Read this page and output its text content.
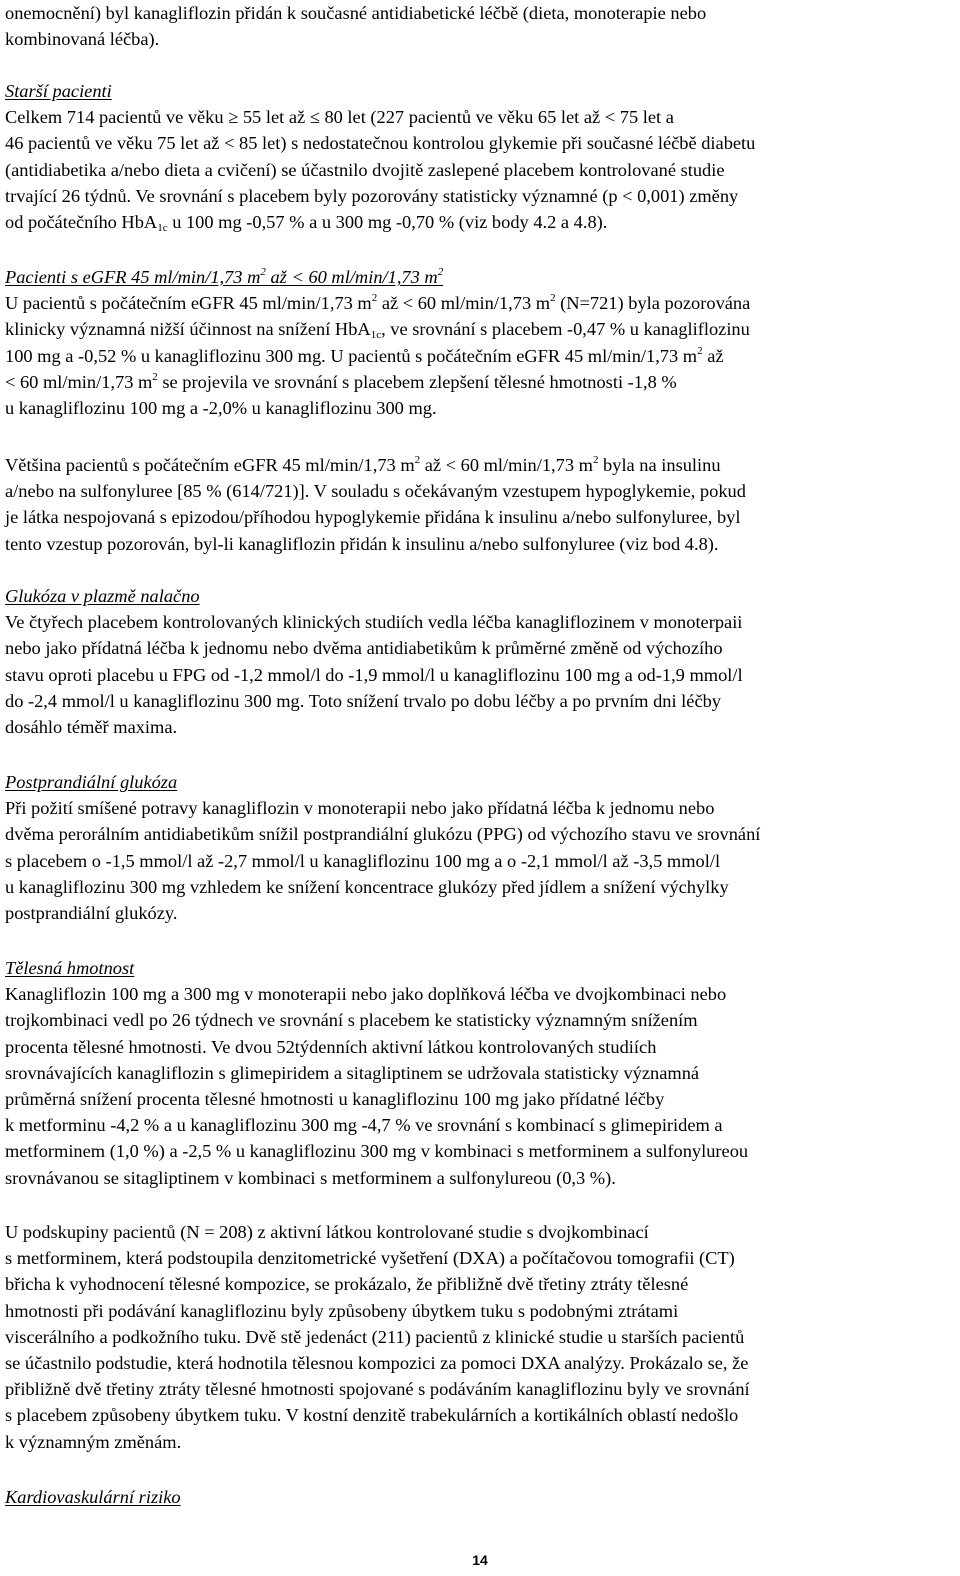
onemocnění) byl kanagliflozin přidán k současné antidiabetické léčbě (dieta, monoterapie nebo
kombinovaná léčba).
Starší pacienti
Celkem 714 pacientů ve věku ≥ 55 let až ≤ 80 let (227 pacientů ve věku 65 let až < 75 let a
46 pacientů ve věku 75 let až < 85 let) s nedostatečnou kontrolou glykemie při současné léčbě diabetu
(antidiabetika a/nebo dieta a cvičení) se účastnilo dvojitě zaslepené placebem kontrolované studie
trvající 26 týdnů. Ve srovnání s placebem byly pozorovány statisticky významné (p < 0,001) změny
od počátečního HbA$_{1c}$ u 100 mg -0,57 % a u 300 mg -0,70 % (viz body 4.2 a 4.8).
Pacienti s eGFR 45 ml/min/1,73 $m^2$ až < 60 ml/min/1,73 $m^2$
U pacientů s počátečním eGFR 45 ml/min/1,73 $m^2$ až < 60 ml/min/1,73 $m^2$ (N=721) byla pozorována
klinicky významná nižší účinnost na snížení HbA$_{1c}$, ve srovnání s placebem -0,47 % u kanagliflozinu
100 mg a -0,52 % u kanagliflozinu 300 mg. U pacientů s počátečním eGFR 45 ml/min/1,73 $m^2$ až
< 60 ml/min/1,73 $m^2$ se projevila ve srovnání s placebem zlepšení tělesné hmotnosti -1,8 %
u kanagliflozinu 100 mg a -2,0% u kanagliflozinu 300 mg.
Většina pacientů s počátečním eGFR 45 ml/min/1,73 $m^2$ až < 60 ml/min/1,73 $m^2$ byla na insulinu
a/nebo na sulfonyluree [85 % (614/721)]. V souladu s očekávaným vzestupem hypoglykemie, pokud
je látka nespojovaná s epizodou/příhodou hypoglykemie přidána k insulinu a/nebo sulfonyluree, byl
tento vzestup pozorován, byl-li kanagliflozin přidán k insulinu a/nebo sulfonyluree (viz bod 4.8).
Glukóza v plazmě nalačno
Ve čtyřech placebem kontrolovaných klinických studiích vedla léčba kanagliflozinem v monoterpaii
nebo jako přídatná léčba k jednomu nebo dvěma antidiabetikům k průměrné změně od výchozího
stavu oproti placebu u FPG od -1,2 mmol/l do -1,9 mmol/l u kanagliflozinu 100 mg a od-1,9 mmol/l
do -2,4 mmol/l u kanagliflozinu 300 mg. Toto snížení trvalo po dobu léčby a po prvním dni léčby
dosáhlo téměř maxima.
Postprandiální glukóza
Při požití smíšené potravy kanagliflozin v monoterapii nebo jako přídatná léčba k jednomu nebo
dvěma perorálním antidiabetikům snížil postprandiální glukózu (PPG) od výchozího stavu ve srovnání
s placebem o -1,5 mmol/l až -2,7 mmol/l u kanagliflozinu 100 mg a o -2,1 mmol/l až -3,5 mmol/l
u kanagliflozinu 300 mg vzhledem ke snížení koncentrace glukózy před jídlem a snížení výchylky
postprandiální glukózy.
Tělesná hmotnost
Kanagliflozin 100 mg a 300 mg v monoterapii nebo jako doplňková léčba ve dvojkombinaci nebo
trojkombinaci vedl po 26 týdnech ve srovnání s placebem ke statisticky významným snížením
procenta tělesné hmotnosti. Ve dvou 52týdenních aktivní látkou kontrolovaných studiích
srovnávajících kanagliflozin s glimepiridem a sitagliptinem se udržovala statisticky významná
průměrná snížení procenta tělesné hmotnosti u kanagliflozinu 100 mg jako přídatné léčby
k metforminu -4,2 % a u kanagliflozinu 300 mg -4,7 % ve srovnání s kombinací s glimepiridem a
metforminem (1,0 %) a -2,5 % u kanagliflozinu 300 mg v kombinaci s metforminem a sulfonylureou
srovnávanou se sitagliptinem v kombinaci s metforminem a sulfonylureou (0,3 %).
U podskupiny pacientů (N = 208) z aktivní látkou kontrolované studie s dvojkombinací
s metforminem, která podstoupila denzitometrické vyšetření (DXA) a počítačovou tomografii (CT)
břicha k vyhodnocení tělesné kompozice, se prokázalo, že přibližně dvě třetiny ztráty tělesné
hmotnosti při podávání kanagliflozinu byly způsobeny úbytkem tuku s podobnými ztrátami
viscerálního a podkožního tuku. Dvě stě jedenáct (211) pacientů z klinické studie u starších pacientů
se účastnilo podstudie, která hodnotila tělesnou kompozici za pomoci DXA analýzy. Prokázalo se, že
přibližně dvě třetiny ztráty tělesné hmotnosti spojované s podáváním kanagliflozinu byly ve srovnání
s placebem způsobeny úbytkem tuku. V kostní denzitě trabekulárních a kortikálních oblastí nedošlo
k významným změnám.
Kardiovaskulární riziko
14
